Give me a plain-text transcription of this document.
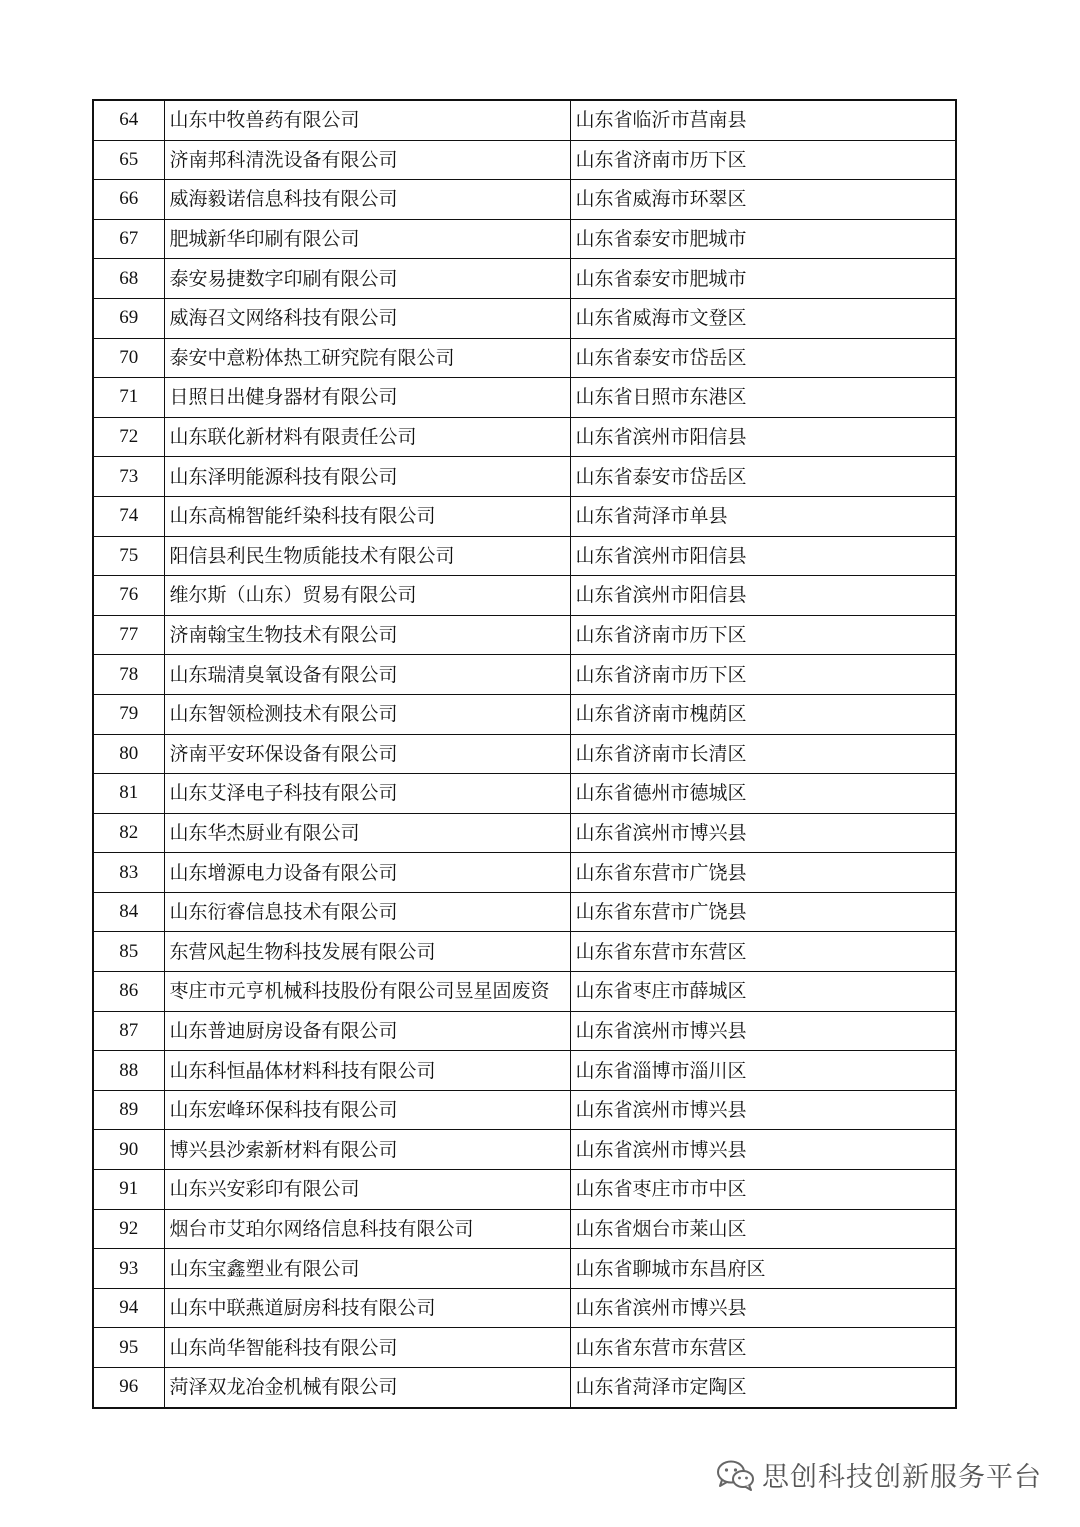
64	山东中牧兽药有限公司	山东省临沂市莒南县
65	济南邦科清洗设备有限公司	山东省济南市历下区
66	威海毅诺信息科技有限公司	山东省威海市环翠区
67	肥城新华印刷有限公司	山东省泰安市肥城市
68	泰安易捷数字印刷有限公司	山东省泰安市肥城市
69	威海召文网络科技有限公司	山东省威海市文登区
70	泰安中意粉体热工研究院有限公司	山东省泰安市岱岳区
71	日照日出健身器材有限公司	山东省日照市东港区
72	山东联化新材料有限责任公司	山东省滨州市阳信县
73	山东泽明能源科技有限公司	山东省泰安市岱岳区
74	山东高棉智能纤染科技有限公司	山东省菏泽市单县
75	阳信县利民生物质能技术有限公司	山东省滨州市阳信县
76	维尔斯（山东）贸易有限公司	山东省滨州市阳信县
77	济南翰宝生物技术有限公司	山东省济南市历下区
78	山东瑞清臭氧设备有限公司	山东省济南市历下区
79	山东智领检测技术有限公司	山东省济南市槐荫区
80	济南平安环保设备有限公司	山东省济南市长清区
81	山东艾泽电子科技有限公司	山东省德州市德城区
82	山东华杰厨业有限公司	山东省滨州市博兴县
83	山东增源电力设备有限公司	山东省东营市广饶县
84	山东衍睿信息技术有限公司	山东省东营市广饶县
85	东营风起生物科技发展有限公司	山东省东营市东营区
86	枣庄市元亨机械科技股份有限公司昱星固废资	山东省枣庄市薛城区
87	山东普迪厨房设备有限公司	山东省滨州市博兴县
88	山东科恒晶体材料科技有限公司	山东省淄博市淄川区
89	山东宏峰环保科技有限公司	山东省滨州市博兴县
90	博兴县沙索新材料有限公司	山东省滨州市博兴县
91	山东兴安彩印有限公司	山东省枣庄市市中区
92	烟台市艾珀尔网络信息科技有限公司	山东省烟台市莱山区
93	山东宝鑫塑业有限公司	山东省聊城市东昌府区
94	山东中联燕道厨房科技有限公司	山东省滨州市博兴县
95	山东尚华智能科技有限公司	山东省东营市东营区
96	菏泽双龙冶金机械有限公司	山东省菏泽市定陶区
思创科技创新服务平台
